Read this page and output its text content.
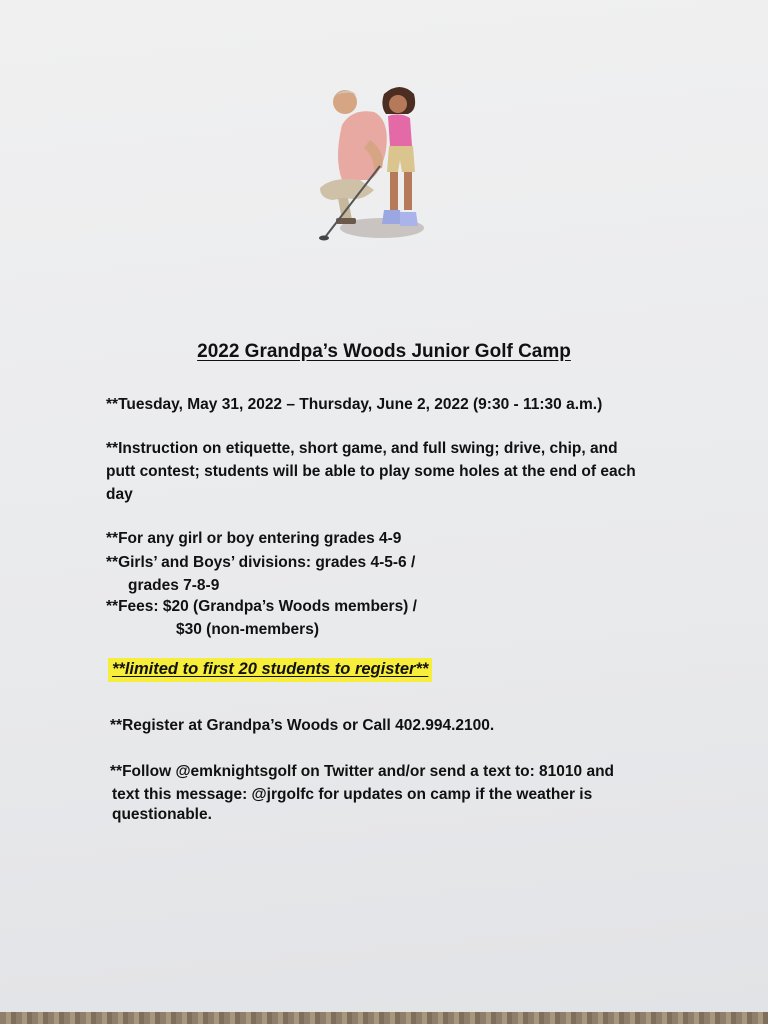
2022 Grandpa’s Woods Junior Golf Camp
**Tuesday, May 31, 2022 – Thursday, June 2, 2022 (9:30 - 11:30 a.m.)
**Instruction on etiquette, short game, and full swing; drive, chip, and
putt contest; students will be able to play some holes at the end of each
day
**For any girl or boy entering grades 4-9
**Girls’ and Boys’ divisions: grades 4-5-6 /
grades 7-8-9
**Fees: $20 (Grandpa’s Woods members) /
$30 (non-members)
**limited to first 20 students to register**
**Register at Grandpa’s Woods or Call 402.994.2100.
**Follow @emknightsgolf on Twitter and/or send a text to: 81010 and
text this message: @jrgolfc for updates on camp if the weather is
questionable.
